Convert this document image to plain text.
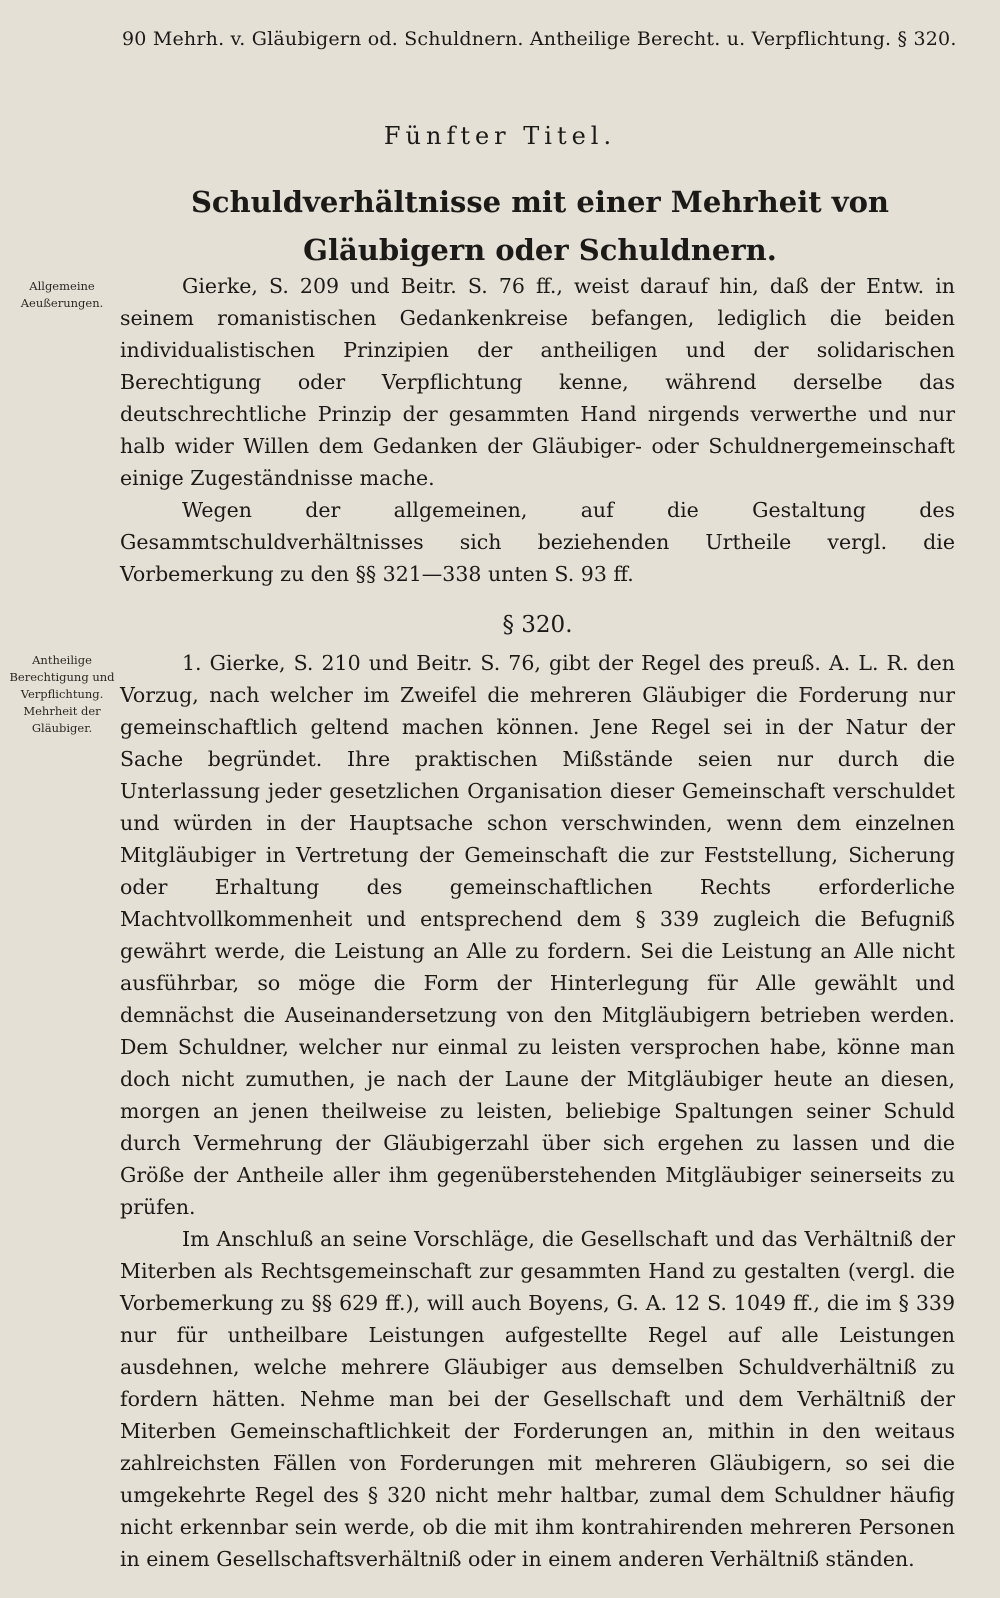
90 Mehrh. v. Gläubigern od. Schuldnern. Antheilige Berecht. u. Verpflichtung. § 320.
Fünfter Titel.
Schuldverhältnisse mit einer Mehrheit von Gläubigern oder Schuldnern.
Allgemeine Aeußerungen.

Gierke, S. 209 und Beitr. S. 76 ff., weist darauf hin, daß der Entw. in seinem romanistischen Gedankenkreise befangen, lediglich die beiden individualistischen Prinzipien der antheiligen und der solidarischen Berechtigung oder Verpflichtung kenne, während derselbe das deutschrechtliche Prinzip der gesammten Hand nirgends verwerthe und nur halb wider Willen dem Gedanken der Gläubiger- oder Schuldnergemeinschaft einige Zugeständnisse mache.

Wegen der allgemeinen, auf die Gestaltung des Gesammtschuldverhältnisses sich beziehenden Urtheile vergl. die Vorbemerkung zu den §§ 321—338 unten S. 93 ff.

§ 320.
Antheilige Berechtigung und Verpflichtung. Mehrheit der Gläubiger.

1. Gierke, S. 210 und Beitr. S. 76, gibt der Regel des preuß. A. L. R. den Vorzug, nach welcher im Zweifel die mehreren Gläubiger die Forderung nur gemeinschaftlich geltend machen können. Jene Regel sei in der Natur der Sache begründet. Ihre praktischen Mißstände seien nur durch die Unterlassung jeder gesetzlichen Organisation dieser Gemeinschaft verschuldet und würden in der Hauptsache schon verschwinden, wenn dem einzelnen Mitgläubiger in Vertretung der Gemeinschaft die zur Feststellung, Sicherung oder Erhaltung des gemeinschaftlichen Rechts erforderliche Machtvollkommenheit und entsprechend dem § 339 zugleich die Befugniß gewährt werde, die Leistung an Alle zu fordern. Sei die Leistung an Alle nicht ausführbar, so möge die Form der Hinterlegung für Alle gewählt und demnächst die Auseinandersetzung von den Mitgläubigern betrieben werden. Dem Schuldner, welcher nur einmal zu leisten versprochen habe, könne man doch nicht zumuthen, je nach der Laune der Mitgläubiger heute an diesen, morgen an jenen theilweise zu leisten, beliebige Spaltungen seiner Schuld durch Vermehrung der Gläubigerzahl über sich ergehen zu lassen und die Größe der Antheile aller ihm gegenüberstehenden Mitgläubiger seinerseits zu prüfen.

Im Anschluß an seine Vorschläge, die Gesellschaft und das Verhältniß der Miterben als Rechtsgemeinschaft zur gesammten Hand zu gestalten (vergl. die Vorbemerkung zu §§ 629 ff.), will auch Boyens, G. A. 12 S. 1049 ff., die im § 339 nur für untheilbare Leistungen aufgestellte Regel auf alle Leistungen ausdehnen, welche mehrere Gläubiger aus demselben Schuldverhältniß zu fordern hätten. Nehme man bei der Gesellschaft und dem Verhältniß der Miterben Gemeinschaftlichkeit der Forderungen an, mithin in den weitaus zahlreichsten Fällen von Forderungen mit mehreren Gläubigern, so sei die umgekehrte Regel des § 320 nicht mehr haltbar, zumal dem Schuldner häufig nicht erkennbar sein werde, ob die mit ihm kontrahirenden mehreren Personen in einem Gesellschaftsverhältniß oder in einem anderen Verhältniß ständen.
